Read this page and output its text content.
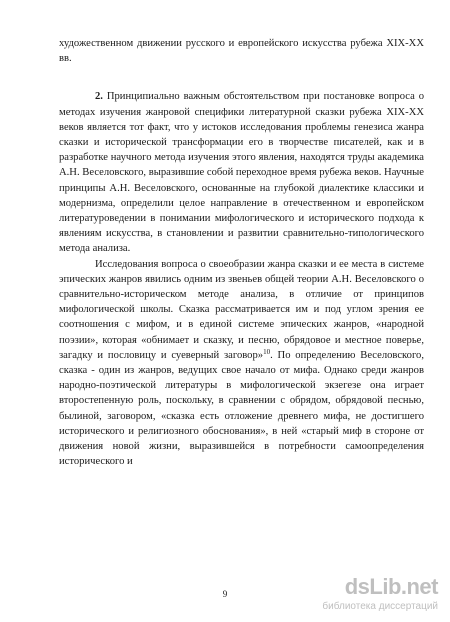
художественном движении русского и европейского искусства рубежа XIX-XX вв.

2. Принципиально важным обстоятельством при постановке вопроса о методах изучения жанровой специфики литературной сказки рубежа XIX-XX веков является тот факт, что у истоков исследования проблемы генезиса жанра сказки и исторической трансформации его в творчестве писателей, как и в разработке научного метода изучения этого явления, находятся труды академика А.Н. Веселовского, выразившие собой переходное время рубежа веков. Научные принципы А.Н. Веселовского, основанные на глубокой диалектике классики и модернизма, определили целое направление в отечественном и европейском литературоведении в понимании мифологического и исторического подхода к явлениям искусства, в становлении и развитии сравнительно-типологического метода анализа.

Исследования вопроса о своеобразии жанра сказки и ее места в системе эпических жанров явились одним из звеньев общей теории А.Н. Веселовского о сравнительно-историческом методе анализа, в отличие от принципов мифологической школы. Сказка рассматривается им и под углом зрения ее соотношения с мифом, и в единой системе эпических жанров, «народной поэзии», которая «обнимает и сказку, и песню, обрядовое и местное поверье, загадку и пословицу и суеверный заговор»$^{10}$. По определению Веселовского, сказка - один из жанров, ведущих свое начало от мифа. Однако среди жанров народно-поэтической литературы в мифологической экзегезе она играет второстепенную роль, поскольку, в сравнении с обрядом, обрядовой песнью, былиной, заговором, «сказка есть отложение древнего мифа, не достигшего исторического и религиозного обоснования», в ней «старый миф в стороне от движения новой жизни, выразившейся в потребности самоопределения исторического и

9	dsLib.net
библиотека диссертаций
